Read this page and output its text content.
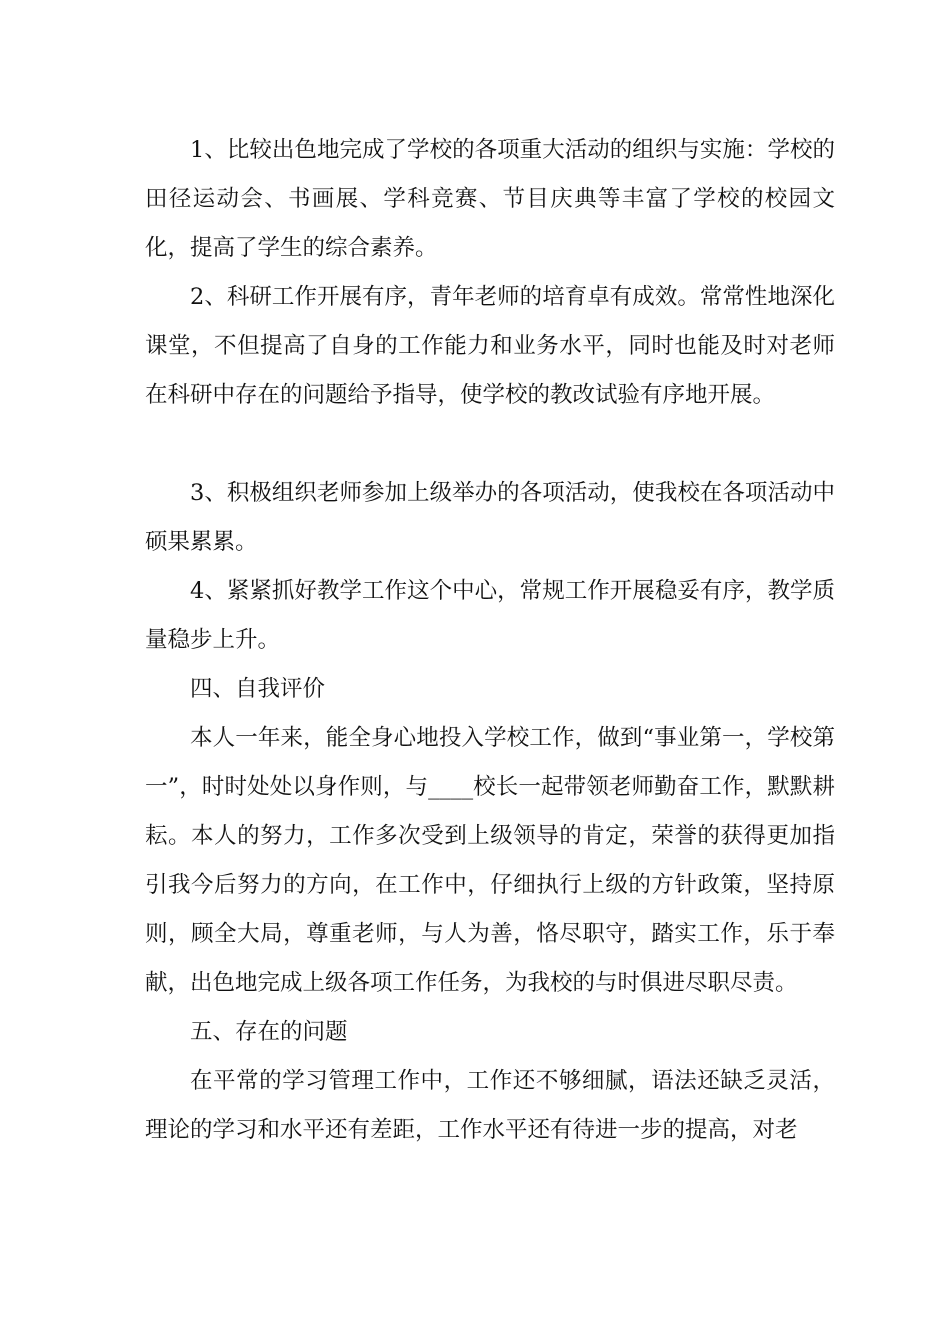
1、比较出色地完成了学校的各项重大活动的组织与实施：学校的田径运动会、书画展、学科竞赛、节目庆典等丰富了学校的校园文化，提高了学生的综合素养。

2、科研工作开展有序，青年老师的培育卓有成效。常常性地深化课堂，不但提高了自身的工作能力和业务水平，同时也能及时对老师在科研中存在的问题给予指导，使学校的教改试验有序地开展。

3、积极组织老师参加上级举办的各项活动，使我校在各项活动中硕果累累。

4、紧紧抓好教学工作这个中心，常规工作开展稳妥有序，教学质量稳步上升。

四、自我评价

本人一年来，能全身心地投入学校工作，做到“事业第一，学校第一”，时时处处以身作则，与____校长一起带领老师勤奋工作，默默耕耘。本人的努力，工作多次受到上级领导的肯定，荣誉的获得更加指引我今后努力的方向，在工作中，仔细执行上级的方针政策，坚持原则，顾全大局，尊重老师，与人为善，恪尽职守，踏实工作，乐于奉献，出色地完成上级各项工作任务，为我校的与时俱进尽职尽责。

五、存在的问题

在平常的学习管理工作中，工作还不够细腻，语法还缺乏灵活，理论的学习和水平还有差距，工作水平还有待进一步的提高，对老
